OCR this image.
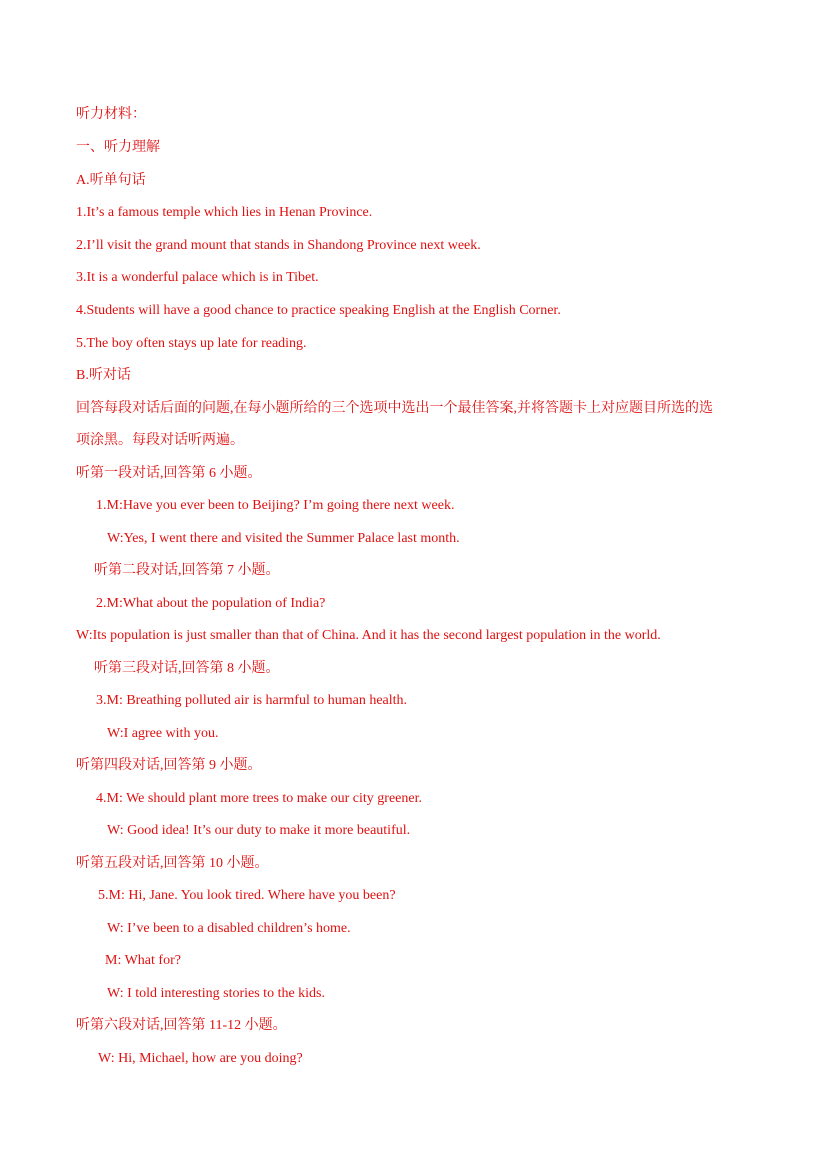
听力材料：
一、听力理解
A.听单句话
1.It’s a famous temple which lies in Henan Province.
2.I’ll visit the grand mount that stands in Shandong Province next week.
3.It is a wonderful palace which is in Tibet.
4.Students will have a good chance to practice speaking English at the English Corner.
5.The boy often stays up late for reading.
B.听对话
回答每段对话后面的问题,在每小题所给的三个选项中选出一个最佳答案,并将答题卡上对应题目所选的选
项涂黑。每段对话听两遍。
听第一段对话,回答第 6 小题。
1.M:Have you ever been to Beijing? I’m going there next week.
W:Yes, I went there and visited the Summer Palace last month.
听第二段对话,回答第 7 小题。
2.M:What about the population of India?
W:Its population is just smaller than that of China. And it has the second largest population in the world.
听第三段对话,回答第 8 小题。
3.M: Breathing polluted air is harmful to human health.
W:I agree with you.
听第四段对话,回答第 9 小题。
4.M: We should plant more trees to make our city greener.
W: Good idea! It’s our duty to make it more beautiful.
听第五段对话,回答第 10 小题。
5.M: Hi, Jane. You look tired. Where have you been?
W: I’ve been to a disabled children’s home.
M: What for?
W: I told interesting stories to the kids.
听第六段对话,回答第 11-12 小题。
W: Hi, Michael, how are you doing?
